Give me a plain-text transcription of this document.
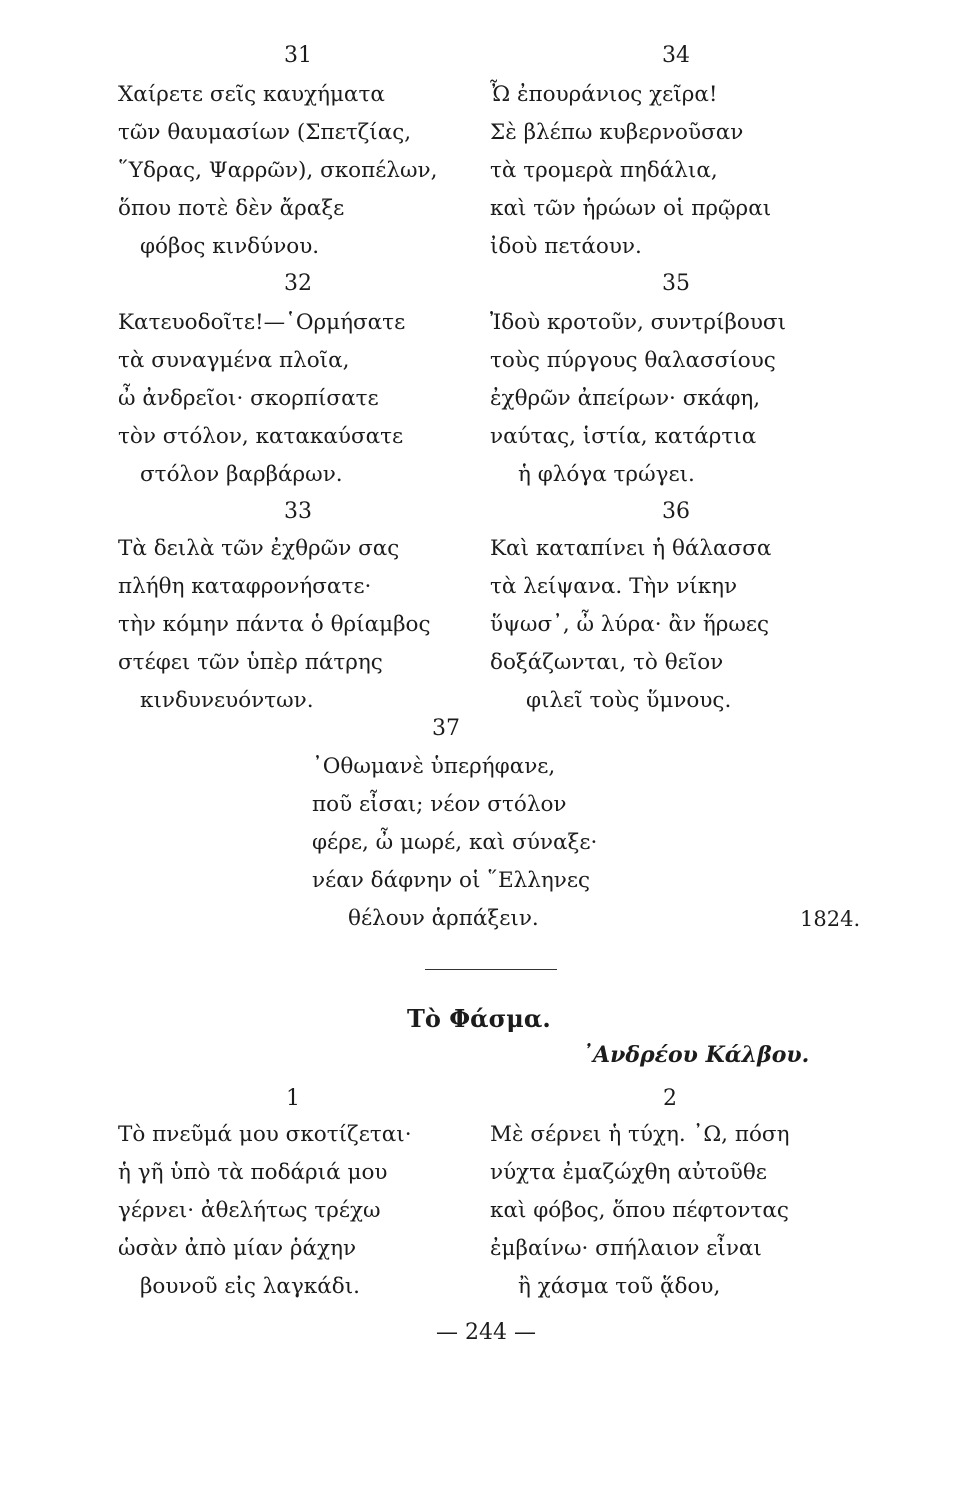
31
Χαίρετε σεῖς καυχήματα
τῶν θαυμασίων (Σπετζίας,
῞Υδρας, Ψαρρῶν), σκοπέλων,
ὅπου ποτὲ δὲν ἄραξε
φόβος κινδύνου.
32
Κατευοδοῖτε!—῾Ορμήσατε
τὰ συναγμένα πλοῖα,
ὦ ἀνδρεῖοι· σκορπίσατε
τὸν στόλον, κατακαύσατε
στόλον βαρβάρων.
33
Τὰ δειλὰ τῶν ἐχθρῶν σας
πλήθη καταφρονήσατε·
τὴν κόμην πάντα ὁ θρίαμβος
στέφει τῶν ὑπὲρ πάτρης
κινδυνευόντων.
34
Ὦ ἐπουράνιος χεῖρα!
Σὲ βλέπω κυβερνοῦσαν
τὰ τρομερὰ πηδάλια,
καὶ τῶν ἡρώων οἱ πρῷραι
ἰδοὺ πετάουν.
35
Ἰδοὺ κροτοῦν, συντρίβουσι
τοὺς πύργους θαλασσίους
ἐχθρῶν ἀπείρων· σκάφη,
ναύτας, ἱστία, κατάρτια
ἡ φλόγα τρώγει.
36
Καὶ καταπίνει ἡ θάλασσα
τὰ λείψανα. Τὴν νίκην
ὕψωσ᾽, ὦ λύρα· ἂν ἥρωες
δοξάζωνται, τὸ θεῖον
φιλεῖ τοὺς ὕμνους.
37
᾽Οθωμανὲ ὑπερήφανε,
ποῦ εἶσαι; νέον στόλον
φέρε, ὦ μωρέ, καὶ σύναξε·
νέαν δάφνην οἱ ῞Ελληνες
θέλουν ἁρπάξειν.	1824.
Τὸ Φάσμα.
᾽Ανδρέου Κάλβου.
1
Τὸ πνεῦμά μου σκοτίζεται·
ἡ γῆ ὑπὸ τὰ ποδάριά μου
γέρνει· ἀθελήτως τρέχω
ὡσὰν ἀπὸ μίαν ῥάχην
βουνοῦ εἰς λαγκάδι.
2
Μὲ σέρνει ἡ τύχη. ᾽Ω, πόση
νύχτα ἐμαζώχθη αὐτοῦθε
καὶ φόβος, ὅπου πέφτοντας
ἐμβαίνω· σπήλαιον εἶναι
ἢ χάσμα τοῦ ᾅδου,
— 244 —
